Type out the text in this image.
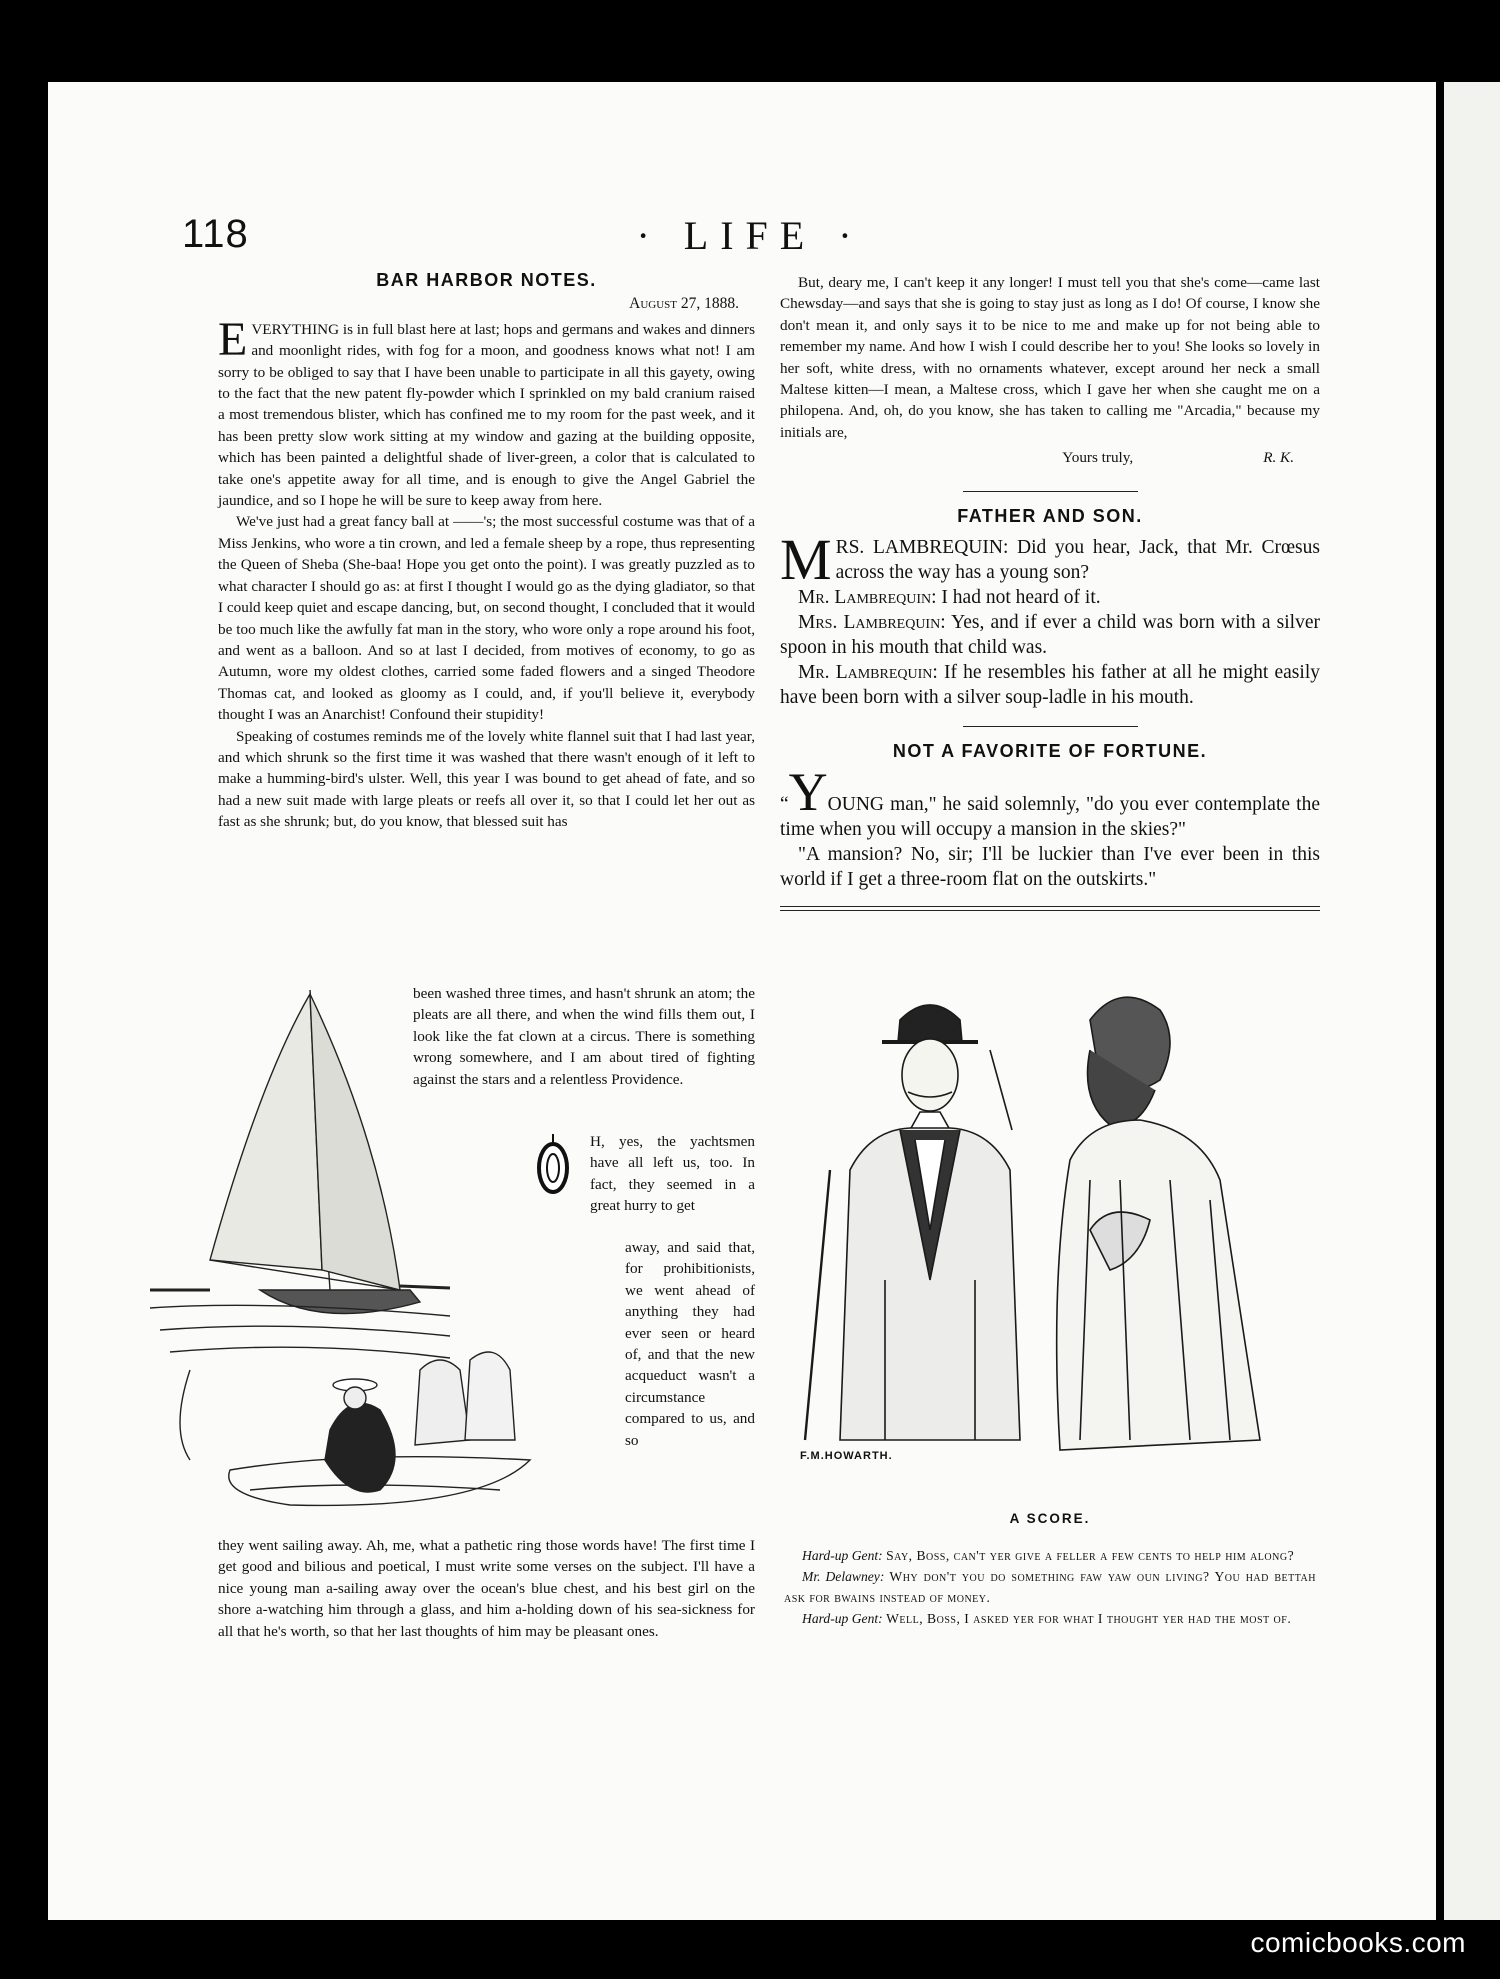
118	· LIFE ·
BAR HARBOR NOTES.
August 27, 1888.

EVERYTHING is in full blast here at last; hops and germans and wakes and dinners and moonlight rides, with fog for a moon, and goodness knows what not! I am sorry to be obliged to say that I have been unable to participate in all this gayety, owing to the fact that the new patent fly-powder which I sprinkled on my bald cranium raised a most tremendous blister, which has confined me to my room for the past week, and it has been pretty slow work sitting at my window and gazing at the building opposite, which has been painted a delightful shade of liver-green, a color that is calculated to take one's appetite away for all time, and is enough to give the Angel Gabriel the jaundice, and so I hope he will be sure to keep away from here.

We've just had a great fancy ball at ——'s; the most successful costume was that of a Miss Jenkins, who wore a tin crown, and led a female sheep by a rope, thus representing the Queen of Sheba (She-baa! Hope you get onto the point). I was greatly puzzled as to what character I should go as: at first I thought I would go as the dying gladiator, so that I could keep quiet and escape dancing, but, on second thought, I concluded that it would be too much like the awfully fat man in the story, who wore only a rope around his foot, and went as a balloon. And so at last I decided, from motives of economy, to go as Autumn, wore my oldest clothes, carried some faded flowers and a singed Theodore Thomas cat, and looked as gloomy as I could, and, if you'll believe it, everybody thought I was an Anarchist! Confound their stupidity!

Speaking of costumes reminds me of the lovely white flannel suit that I had last year, and which shrunk so the first time it was washed that there wasn't enough of it left to make a humming-bird's ulster. Well, this year I was bound to get ahead of fate, and so had a new suit made with large pleats or reefs all over it, so that I could let her out as fast as she shrunk; but, do you know, that blessed suit has

been washed three times, and hasn't shrunk an atom; the pleats are all there, and when the wind fills them out, I look like the fat clown at a circus. There is something wrong somewhere, and I am about tired of fighting against the stars and a relentless Providence.

H, yes, the yachtsmen have all left us, too. In fact, they seemed in a great hurry to get

away, and said that, for prohibitionists, we went ahead of anything they had ever seen or heard of, and that the new acqueduct wasn't a circumstance compared to us, and so

they went sailing away. Ah, me, what a pathetic ring those words have! The first time I get good and bilious and poetical, I must write some verses on the subject. I'll have a nice young man a-sailing away over the ocean's blue chest, and his best girl on the shore a-watching him through a glass, and him a-holding down of his sea-sickness for all that he's worth, so that her last thoughts of him may be pleasant ones.

But, deary me, I can't keep it any longer! I must tell you that she's come—came last Chewsday—and says that she is going to stay just as long as I do! Of course, I know she don't mean it, and only says it to be nice to me and make up for not being able to remember my name. And how I wish I could describe her to you! She looks so lovely in her soft, white dress, with no ornaments whatever, except around her neck a small Maltese kitten—I mean, a Maltese cross, which I gave her when she caught me on a philopena. And, oh, do you know, she has taken to calling me "Arcadia," because my initials are,

Yours truly,	R. K.
FATHER AND SON.

MRS. LAMBREQUIN: Did you hear, Jack, that Mr. Crœsus across the way has a young son?

Mr. Lambrequin: I had not heard of it.

Mrs. Lambrequin: Yes, and if ever a child was born with a silver spoon in his mouth that child was.

Mr. Lambrequin: If he resembles his father at all he might easily have been born with a silver soup-ladle in his mouth.

NOT A FAVORITE OF FORTUNE.

“YOUNG man," he said solemnly, "do you ever contemplate the time when you will occupy a mansion in the skies?"

"A mansion? No, sir; I'll be luckier than I've ever been in this world if I get a three-room flat on the outskirts."

F.M.HOWARTH.
A SCORE.

Hard-up Gent: Say, Boss, can't yer give a feller a few cents to help him along?

Mr. Delawney: Why don't you do something faw yaw oun living? You had bettah ask for bwains instead of money.

Hard-up Gent: Well, Boss, I asked yer for what I thought yer had the most of.

comicbooks.com
